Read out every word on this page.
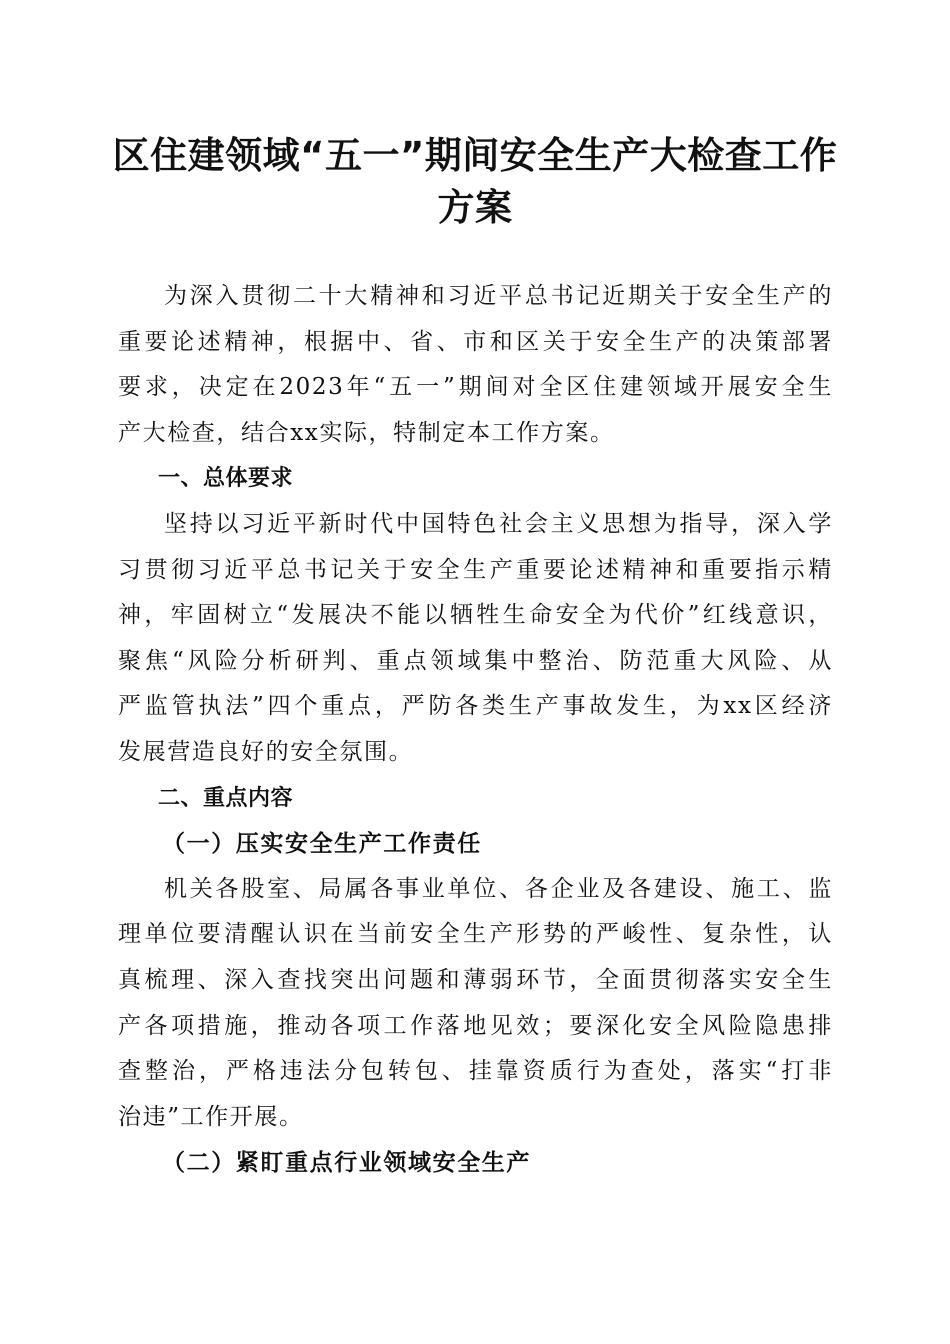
区住建领域“五一”期间安全生产大检查工作
方案

为深入贯彻二十大精神和习近平总书记近期关于安全生产的
重要论述精神，根据中、省、市和区关于安全生产的决策部署
要求，决定在2023年“五一”期间对全区住建领域开展安全生
产大检查，结合xx实际，特制定本工作方案。

一、总体要求

坚持以习近平新时代中国特色社会主义思想为指导，深入学
习贯彻习近平总书记关于安全生产重要论述精神和重要指示精
神，牢固树立“发展决不能以牺牲生命安全为代价”红线意识，
聚焦“风险分析研判、重点领域集中整治、防范重大风险、从
严监管执法”四个重点，严防各类生产事故发生，为xx区经济
发展营造良好的安全氛围。

二、重点内容
（一）压实安全生产工作责任

机关各股室、局属各事业单位、各企业及各建设、施工、监
理单位要清醒认识在当前安全生产形势的严峻性、复杂性，认
真梳理、深入查找突出问题和薄弱环节，全面贯彻落实安全生
产各项措施，推动各项工作落地见效；要深化安全风险隐患排
查整治，严格违法分包转包、挂靠资质行为查处，落实“打非
治违”工作开展。

（二）紧盯重点行业领域安全生产
